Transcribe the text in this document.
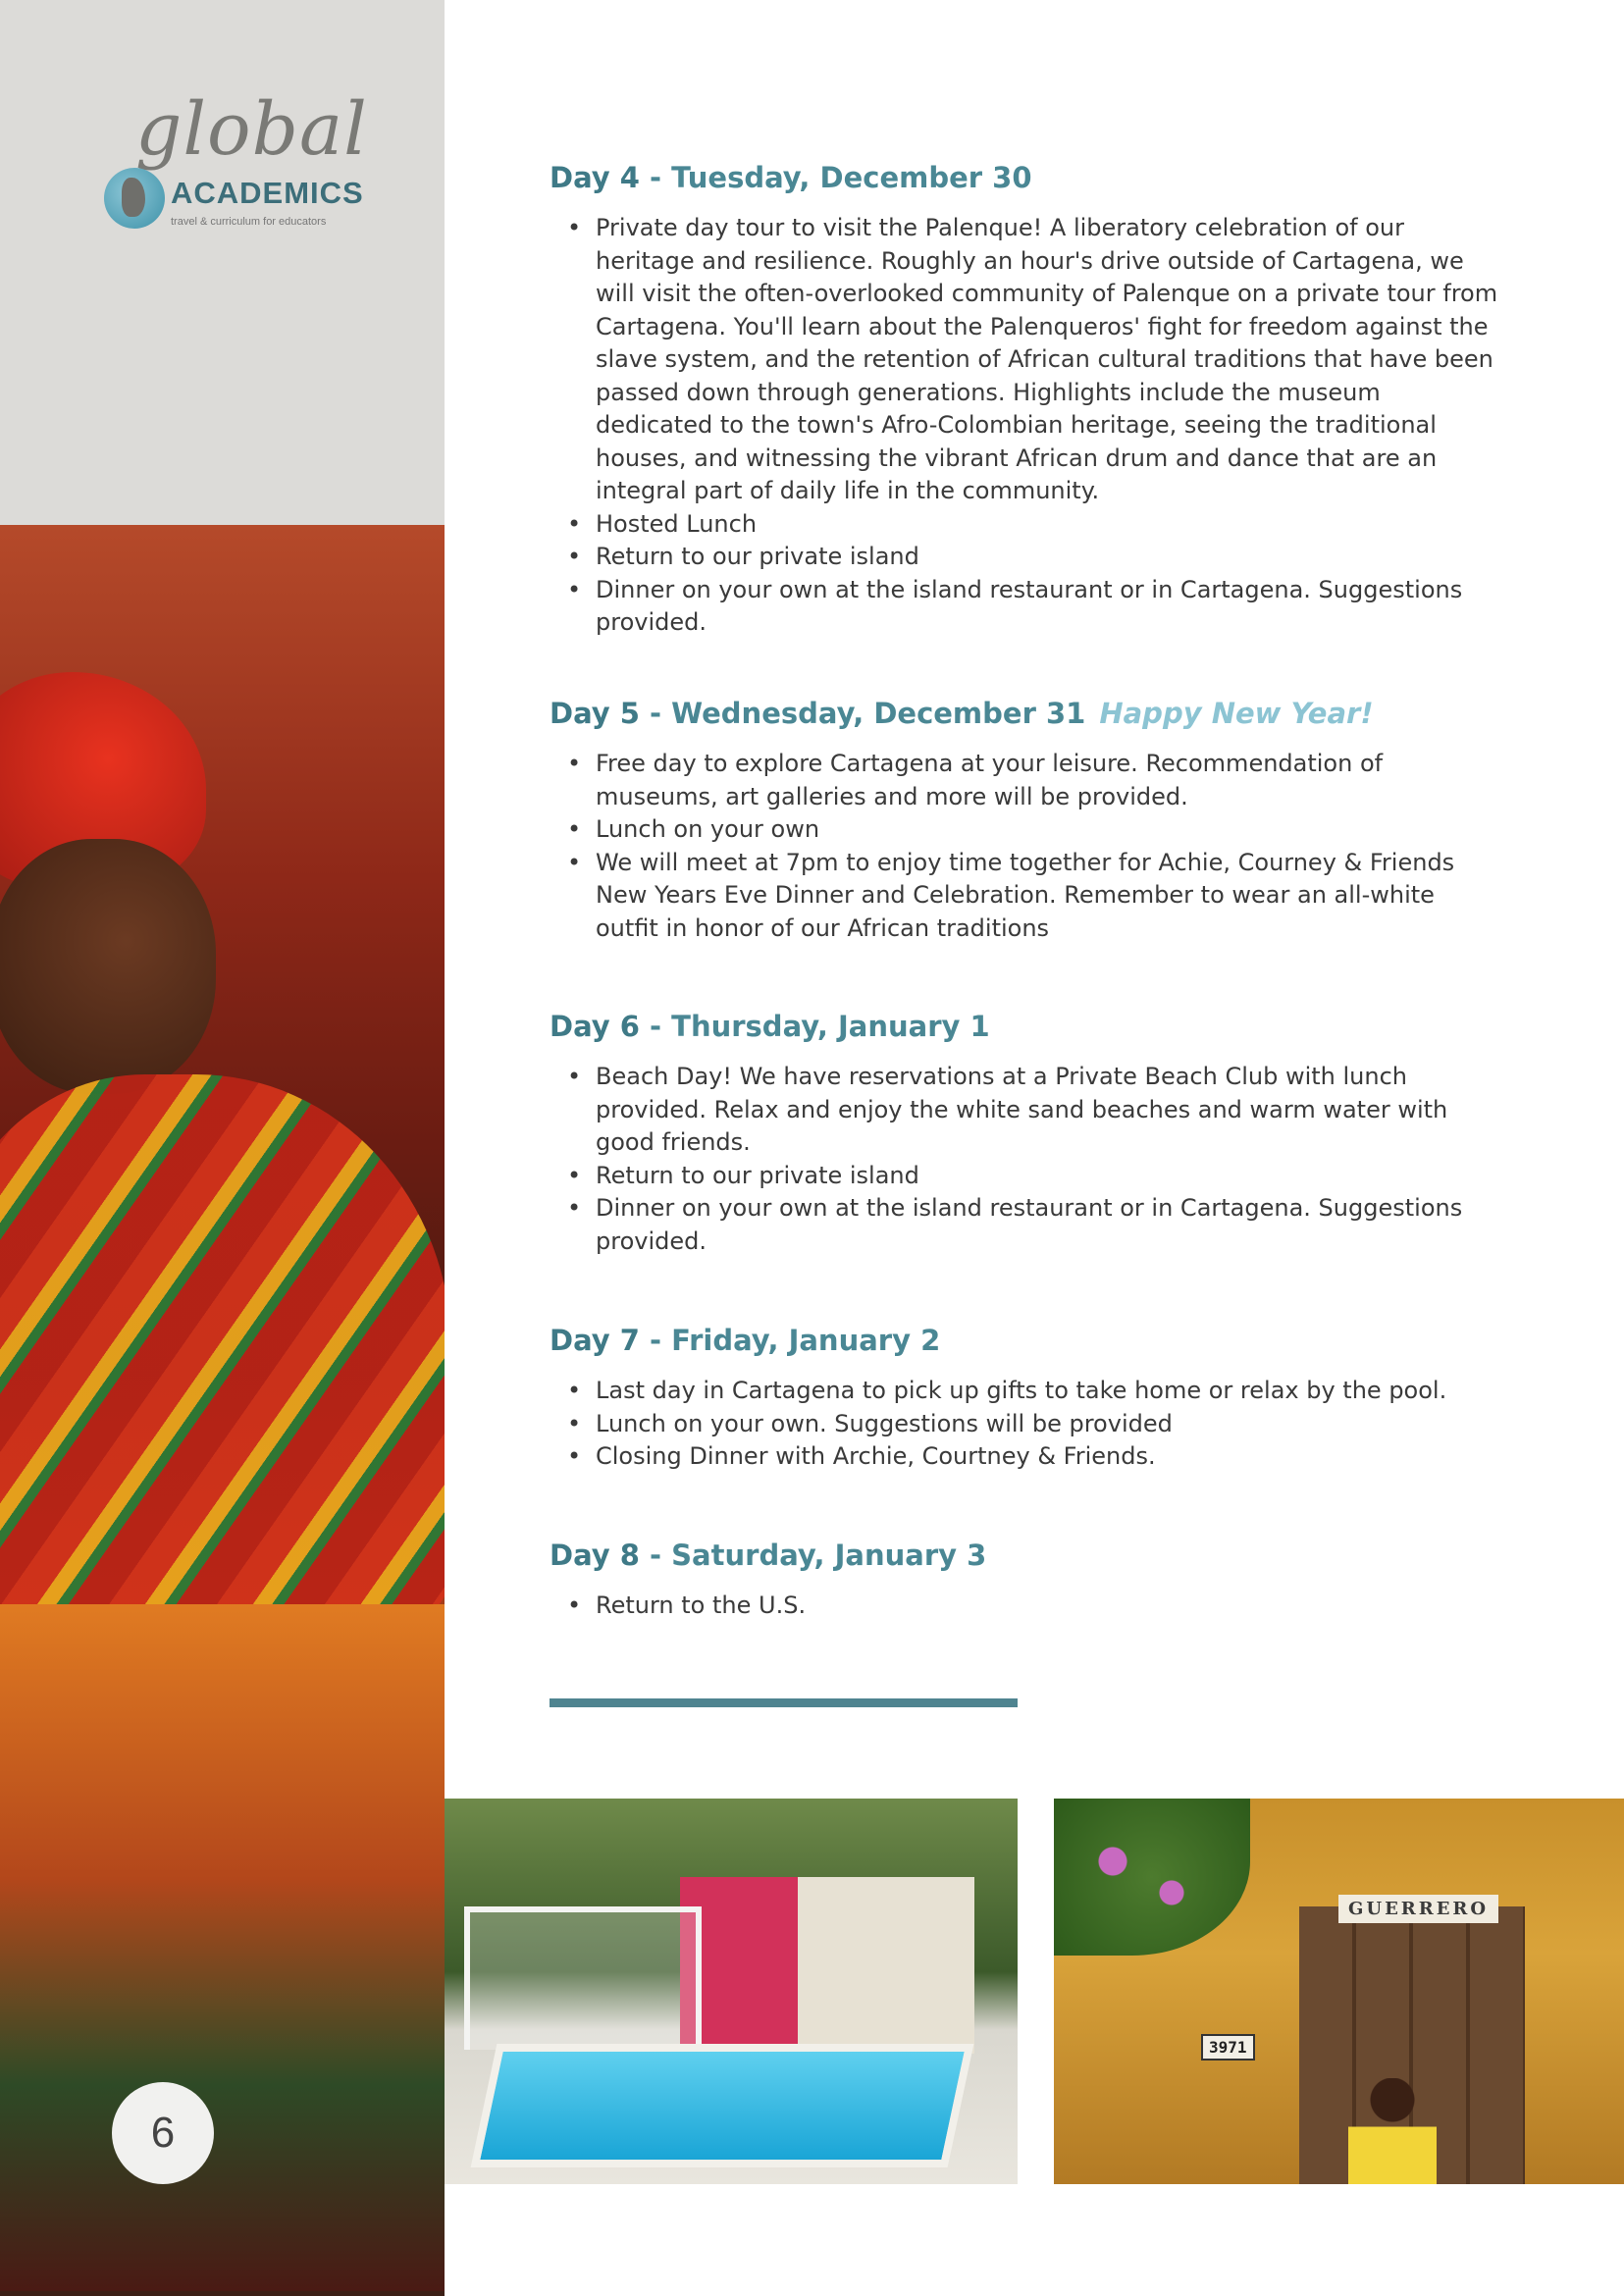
global
ACADEMICS
travel & curriculum for educators
6
Day 4 - Tuesday, December 30
• Private day tour to visit the Palenque! A liberatory celebration of our heritage and resilience. Roughly an hour's drive outside of Cartagena, we will visit the often-overlooked community of Palenque on a private tour from Cartagena. You'll learn about the Palenqueros' fight for freedom against the slave system, and the retention of African cultural traditions that have been passed down through generations. Highlights include the museum dedicated to the town's Afro-Colombian heritage, seeing the traditional houses, and witnessing the vibrant African drum and dance that are an integral part of daily life in the community.
• Hosted Lunch
• Return to our private island
• Dinner on your own at the island restaurant or in Cartagena. Suggestions provided.
Day 5 - Wednesday, December 31 Happy New Year!
• Free day to explore Cartagena at your leisure. Recommendation of museums, art galleries and more will be provided.
• Lunch on your own
• We will meet at 7pm to enjoy time together for Achie, Courney & Friends New Years Eve Dinner and Celebration. Remember to wear an all-white outfit in honor of our African traditions
Day 6 - Thursday, January 1
• Beach Day! We have reservations at a Private Beach Club with lunch provided. Relax and enjoy the white sand beaches and warm water with good friends.
• Return to our private island
• Dinner on your own at the island restaurant or in Cartagena. Suggestions provided.
Day 7 - Friday, January 2
• Last day in Cartagena to pick up gifts to take home or relax by the pool.
• Lunch on your own. Suggestions will be provided
• Closing Dinner with Archie, Courtney & Friends.
Day 8 - Saturday, January 3
• Return to the U.S.
GUERRERO
3971
